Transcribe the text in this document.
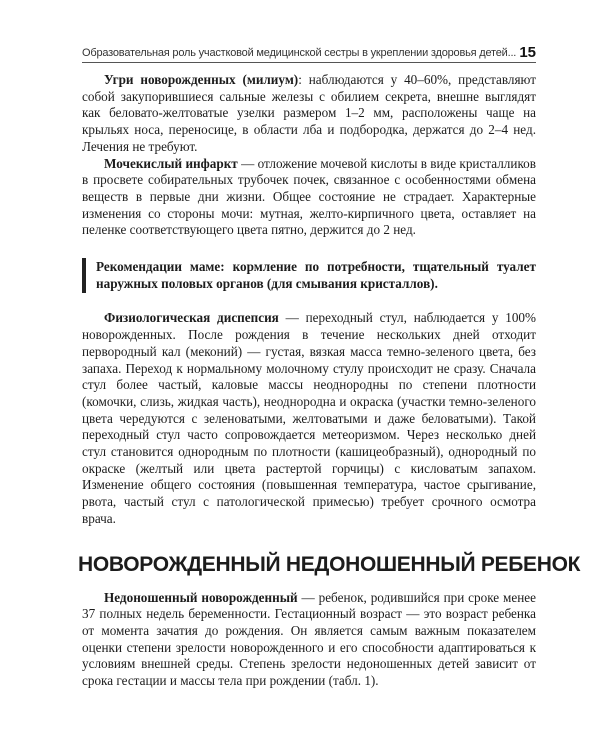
Образовательная роль участковой медицинской сестры в укреплении здоровья детей... 15

Угри новорожденных (милиум): наблюдаются у 40–60%, представляют собой закупорившиеся сальные железы с обилием секрета, внешне выглядят как беловато-желтоватые узелки размером 1–2 мм, расположены чаще на крыльях носа, переносице, в области лба и подбородка, держатся до 2–4 нед. Лечения не требуют.

Мочекислый инфаркт — отложение мочевой кислоты в виде кристалликов в просвете собирательных трубочек почек, связанное с особенностями обмена веществ в первые дни жизни. Общее состояние не страдает. Характерные изменения со стороны мочи: мутная, желто-кирпичного цвета, оставляет на пеленке соответствующего цвета пятно, держится до 2 нед.

Рекомендации маме: кормление по потребности, тщательный туалет наружных половых органов (для смывания кристаллов).

Физиологическая диспепсия — переходный стул, наблюдается у 100% новорожденных. После рождения в течение нескольких дней отходит первородный кал (меконий) — густая, вязкая масса темно-зеленого цвета, без запаха. Переход к нормальному молочному стулу происходит не сразу. Сначала стул более частый, каловые массы неоднородны по степени плотности (комочки, слизь, жидкая часть), неоднородна и окраска (участки темно-зеленого цвета чередуются с зеленоватыми, желтоватыми и даже беловатыми). Такой переходный стул часто сопровождается метеоризмом. Через несколько дней стул становится однородным по плотности (кашицеобразный), однородный по окраске (желтый или цвета растертой горчицы) с кисловатым запахом. Изменение общего состояния (повышенная температура, частое срыгивание, рвота, частый стул с патологической примесью) требует срочного осмотра врача.

НОВОРОЖДЕННЫЙ НЕДОНОШЕННЫЙ РЕБЕНОК

Недоношенный новорожденный — ребенок, родившийся при сроке менее 37 полных недель беременности. Гестационный возраст — это возраст ребенка от момента зачатия до рождения. Он является самым важным показателем оценки степени зрелости новорожденного и его способности адаптироваться к условиям внешней среды. Степень зрелости недоношенных детей зависит от срока гестации и массы тела при рождении (табл. 1).
